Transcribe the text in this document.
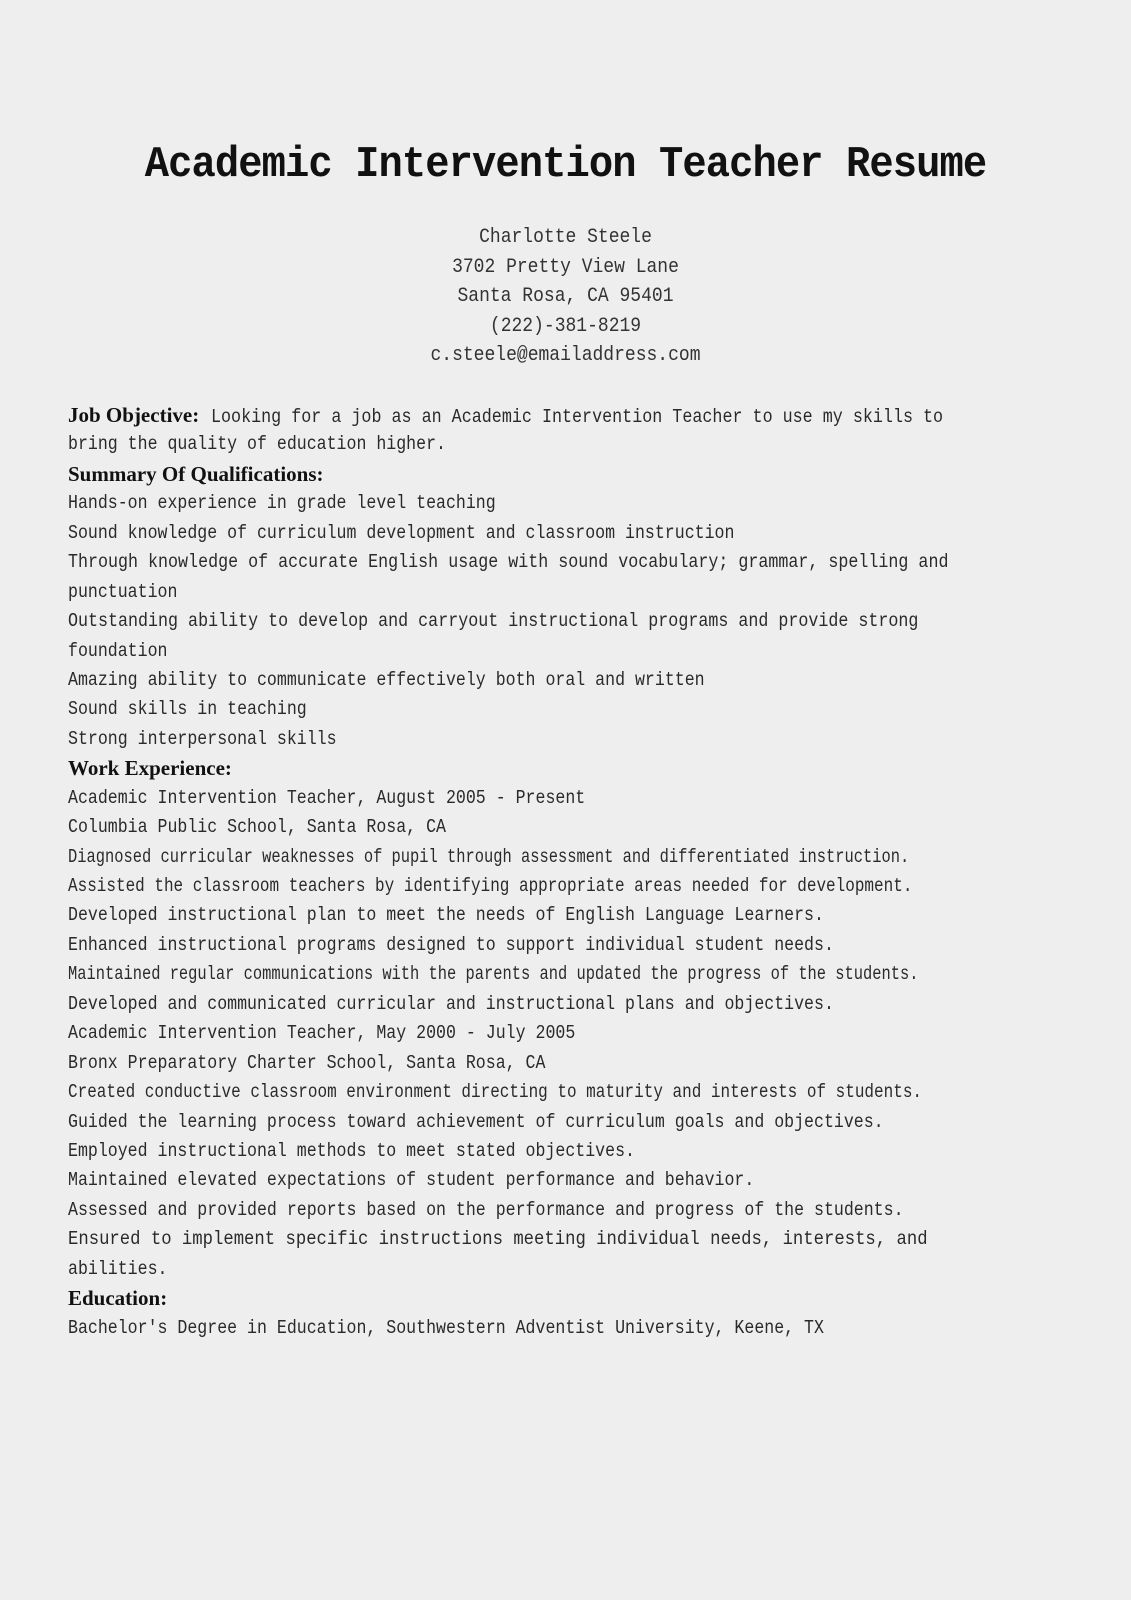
Academic Intervention Teacher Resume
Charlotte Steele
3702 Pretty View Lane
Santa Rosa, CA 95401
(222)-381-8219
c.steele@emailaddress.com
Job Objective: Looking for a job as an Academic Intervention Teacher to use my skills to
bring the quality of education higher.
Summary Of Qualifications:
Hands-on experience in grade level teaching
Sound knowledge of curriculum development and classroom instruction
Through knowledge of accurate English usage with sound vocabulary; grammar, spelling and
punctuation
Outstanding ability to develop and carryout instructional programs and provide strong
foundation
Amazing ability to communicate effectively both oral and written
Sound skills in teaching
Strong interpersonal skills
Work Experience:
Academic Intervention Teacher, August 2005 - Present
Columbia Public School, Santa Rosa, CA
Diagnosed curricular weaknesses of pupil through assessment and differentiated instruction.
Assisted the classroom teachers by identifying appropriate areas needed for development.
Developed instructional plan to meet the needs of English Language Learners.
Enhanced instructional programs designed to support individual student needs.
Maintained regular communications with the parents and updated the progress of the students.
Developed and communicated curricular and instructional plans and objectives.
Academic Intervention Teacher, May 2000 - July 2005
Bronx Preparatory Charter School, Santa Rosa, CA
Created conductive classroom environment directing to maturity and interests of students.
Guided the learning process toward achievement of curriculum goals and objectives.
Employed instructional methods to meet stated objectives.
Maintained elevated expectations of student performance and behavior.
Assessed and provided reports based on the performance and progress of the students.
Ensured to implement specific instructions meeting individual needs, interests, and
abilities.
Education:
Bachelor's Degree in Education, Southwestern Adventist University, Keene, TX
